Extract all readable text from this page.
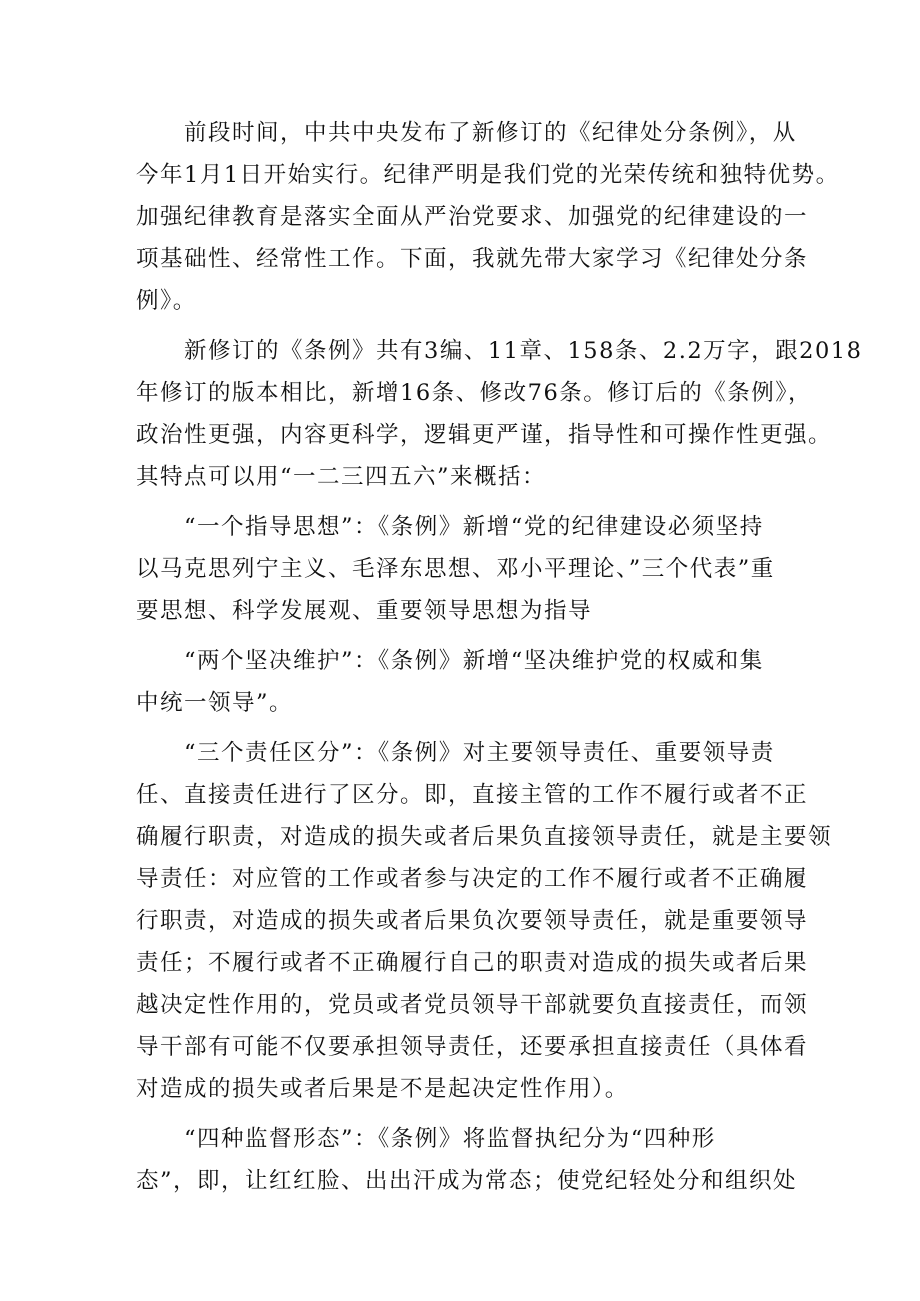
　　前段时间，中共中央发布了新修订的《纪律处分条例》，从
今年1月1日开始实行。纪律严明是我们党的光荣传统和独特优势。
加强纪律教育是落实全面从严治党要求、加强党的纪律建设的一
项基础性、经常性工作。下面，我就先带大家学习《纪律处分条
例》。
　　新修订的《条例》共有3编、11章、158条、2.2万字，跟2018
年修订的版本相比，新增16条、修改76条。修订后的《条例》，
政治性更强，内容更科学，逻辑更严谨，指导性和可操作性更强。
其特点可以用“一二三四五六”来概括：
　　“一个指导思想”：《条例》新增“党的纪律建设必须坚持
以马克思列宁主义、毛泽东思想、邓小平理论、”三个代表”重
要思想、科学发展观、重要领导思想为指导
　　“两个坚决维护”：《条例》新增“坚决维护党的权威和集
中统一领导”。
　　“三个责任区分”：《条例》对主要领导责任、重要领导责
任、直接责任进行了区分。即，直接主管的工作不履行或者不正
确履行职责，对造成的损失或者后果负直接领导责任，就是主要领
导责任：对应管的工作或者参与决定的工作不履行或者不正确履
行职责，对造成的损失或者后果负次要领导责任，就是重要领导
责任；不履行或者不正确履行自己的职责对造成的损失或者后果
越决定性作用的，党员或者党员领导干部就要负直接责任，而领
导干部有可能不仅要承担领导责任，还要承担直接责任（具体看
对造成的损失或者后果是不是起决定性作用）。
　　“四种监督形态”：《条例》将监督执纪分为“四种形
态”，即，让红红脸、出出汗成为常态；使党纪轻处分和组织处
